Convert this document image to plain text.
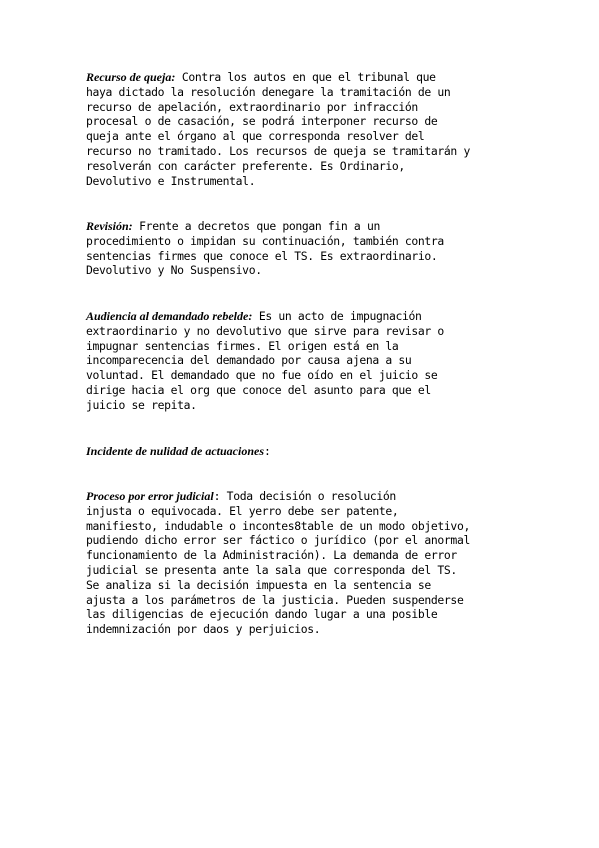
Recurso de queja: Contra los autos en que el tribunal que
haya dictado la resolución denegare la tramitación de un
recurso de apelación, extraordinario por infracción
procesal o de casación, se podrá interponer recurso de
queja ante el órgano al que corresponda resolver del
recurso no tramitado. Los recursos de queja se tramitarán y
resolverán con carácter preferente. Es Ordinario,
Devolutivo e Instrumental.
Revisión: Frente a decretos que pongan fin a un
procedimiento o impidan su continuación, también contra
sentencias firmes que conoce el TS. Es extraordinario.
Devolutivo y No Suspensivo.
Audiencia al demandado rebelde: Es un acto de impugnación
extraordinario y no devolutivo que sirve para revisar o
impugnar sentencias firmes. El origen está en la
incomparecencia del demandado por causa ajena a su
voluntad. El demandado que no fue oído en el juicio se
dirige hacia el org que conoce del asunto para que el
juicio se repita.
Incidente de nulidad de actuaciones:
Proceso por error judicial: Toda decisión o resolución
injusta o equivocada. El yerro debe ser patente,
manifiesto, indudable o incontes8table de un modo objetivo,
pudiendo dicho error ser fáctico o jurídico (por el anormal
funcionamiento de la Administración). La demanda de error
judicial se presenta ante la sala que corresponda del TS.
Se analiza si la decisión impuesta en la sentencia se
ajusta a los parámetros de la justicia. Pueden suspenderse
las diligencias de ejecución dando lugar a una posible
indemnización por daos y perjuicios.
